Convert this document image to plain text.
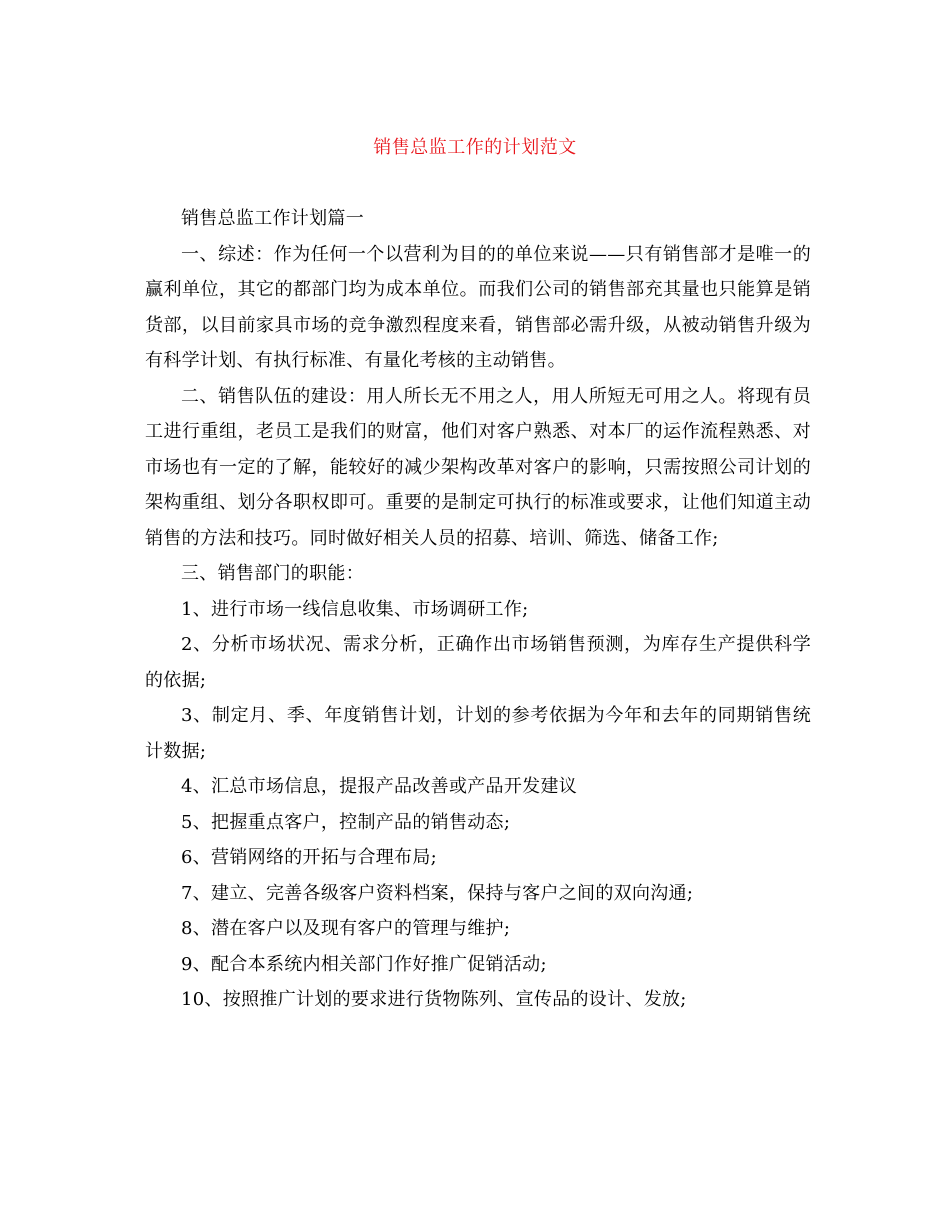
销售总监工作的计划范文

销售总监工作计划篇一

一、综述：作为任何一个以营利为目的的单位来说——只有销售部才是唯一的赢利单位，其它的都部门均为成本单位。而我们公司的销售部充其量也只能算是销货部，以目前家具市场的竞争激烈程度来看，销售部必需升级，从被动销售升级为有科学计划、有执行标准、有量化考核的主动销售。

二、销售队伍的建设：用人所长无不用之人，用人所短无可用之人。将现有员工进行重组，老员工是我们的财富，他们对客户熟悉、对本厂的运作流程熟悉、对市场也有一定的了解，能较好的减少架构改革对客户的影响，只需按照公司计划的架构重组、划分各职权即可。重要的是制定可执行的标准或要求，让他们知道主动销售的方法和技巧。同时做好相关人员的招募、培训、筛选、储备工作;

三、销售部门的职能：

1、进行市场一线信息收集、市场调研工作;

2、分析市场状况、需求分析，正确作出市场销售预测，为库存生产提供科学的依据;

3、制定月、季、年度销售计划，计划的参考依据为今年和去年的同期销售统计数据;

4、汇总市场信息，提报产品改善或产品开发建议

5、把握重点客户，控制产品的销售动态;

6、营销网络的开拓与合理布局;

7、建立、完善各级客户资料档案，保持与客户之间的双向沟通;

8、潜在客户以及现有客户的管理与维护;

9、配合本系统内相关部门作好推广促销活动;

10、按照推广计划的要求进行货物陈列、宣传品的设计、发放;
